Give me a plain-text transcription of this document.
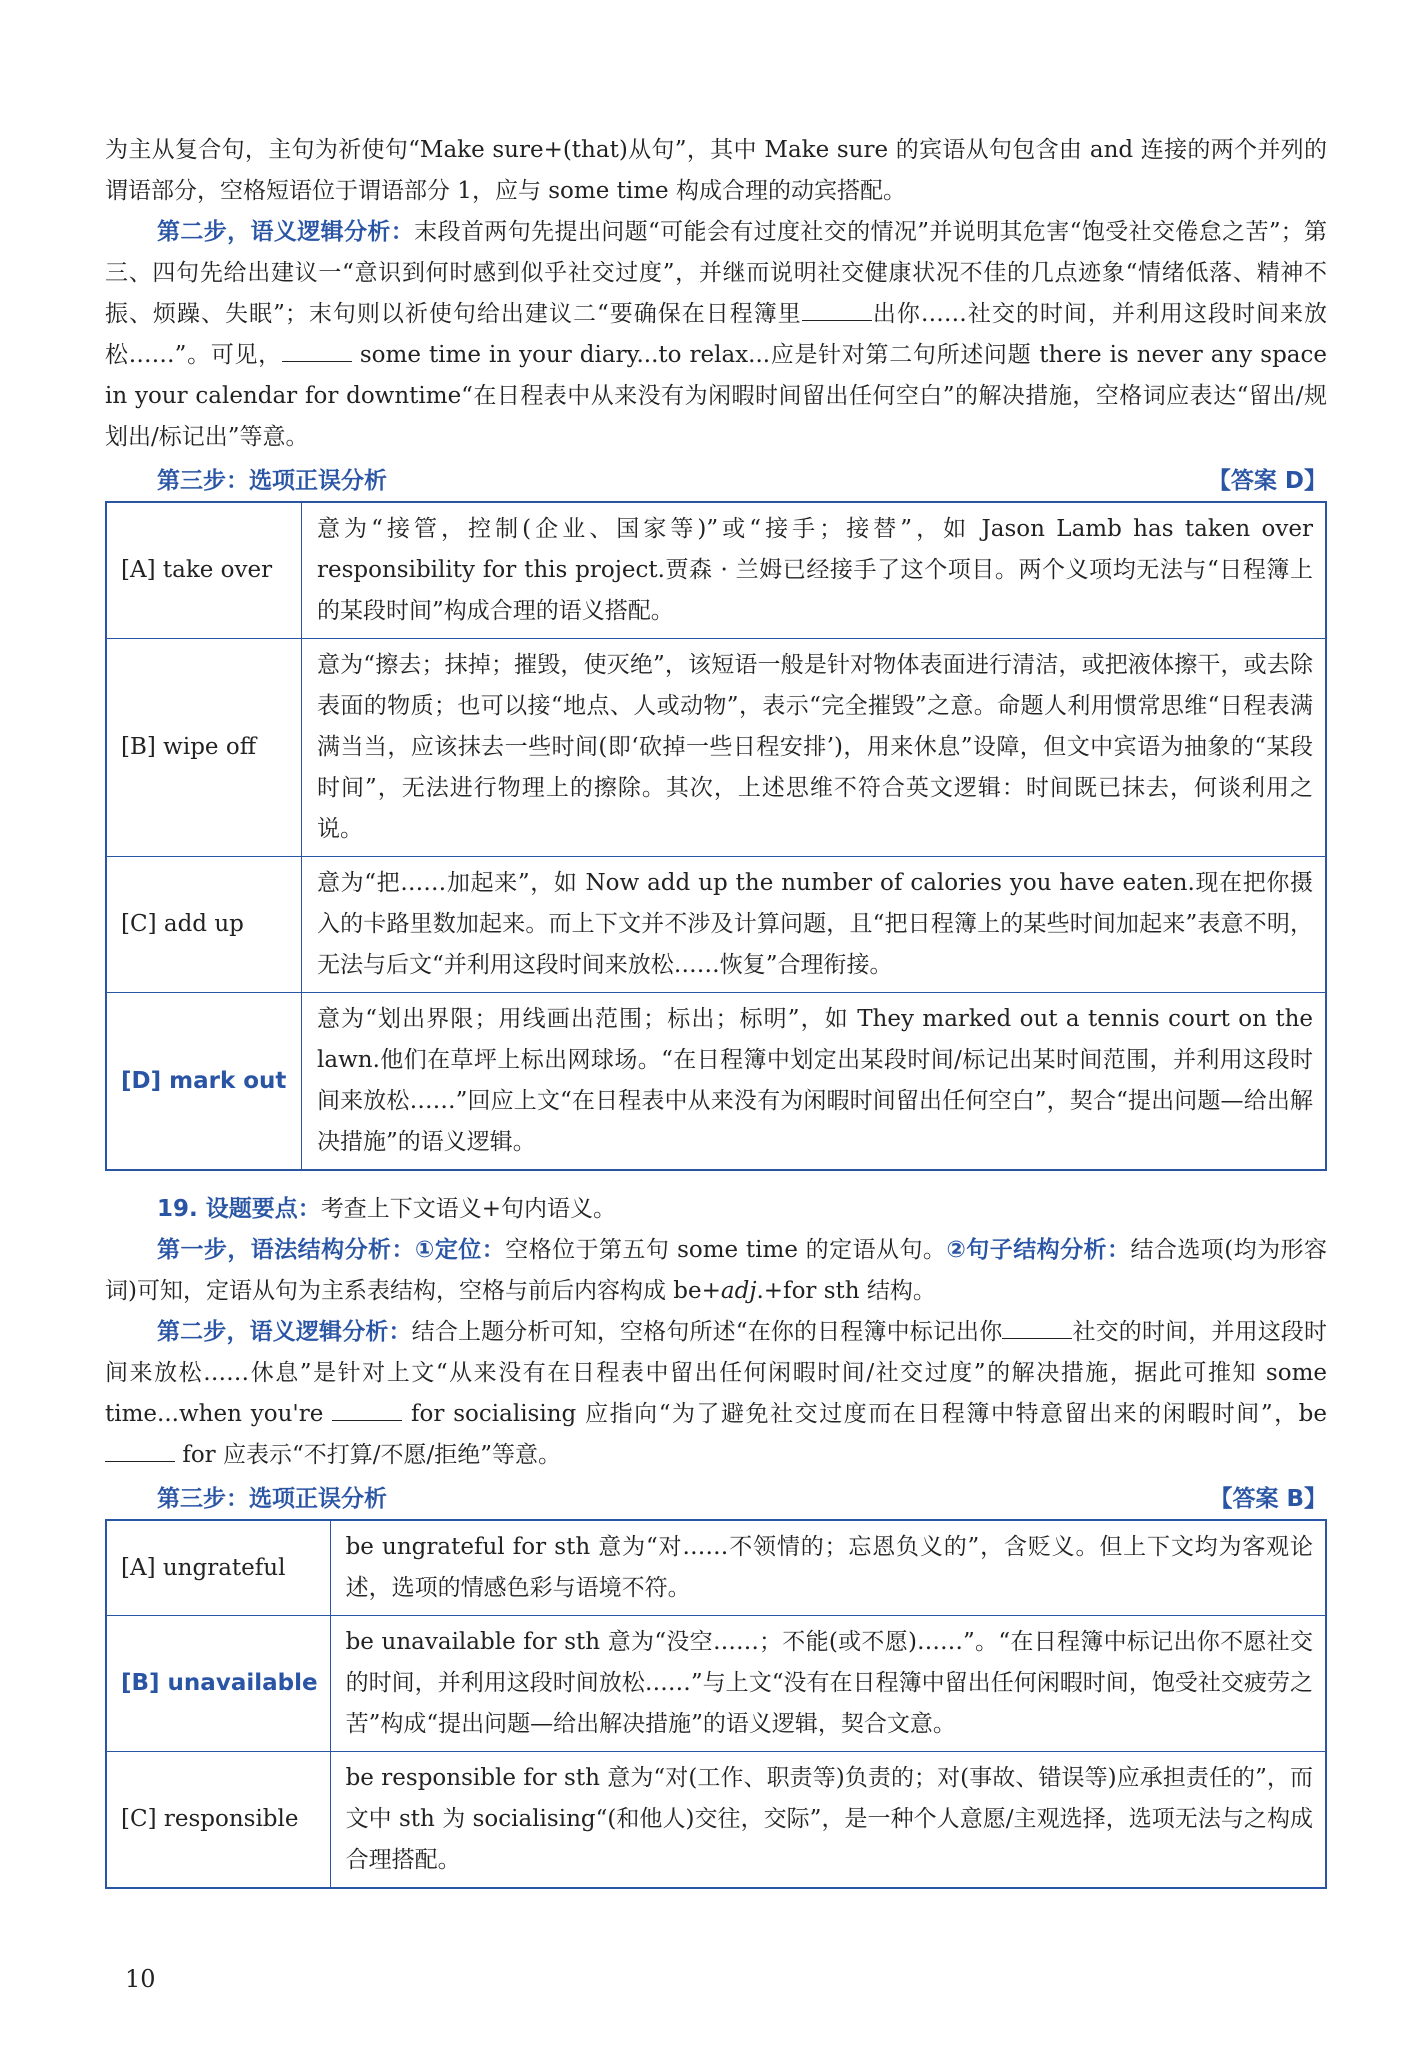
为主从复合句，主句为祈使句“Make sure+(that)从句”，其中 Make sure 的宾语从句包含由 and 连接的两个并列的谓语部分，空格短语位于谓语部分 1，应与 some time 构成合理的动宾搭配。

第二步，语义逻辑分析：末段首两句先提出问题“可能会有过度社交的情况”并说明其危害“饱受社交倦怠之苦”；第三、四句先给出建议一“意识到何时感到似乎社交过度”，并继而说明社交健康状况不佳的几点迹象“情绪低落、精神不振、烦躁、失眠”；末句则以祈使句给出建议二“要确保在日程簿里	出你……社交的时间，并利用这段时间来放松……”。可见，	some time in your diary...to relax...应是针对第二句所述问题 there is never any space in your calendar for downtime“在日程表中从来没有为闲暇时间留出任何空白”的解决措施，空格词应表达“留出/规划出/标记出”等意。

第三步：选项正误分析	【答案 D】
[A] take over	意为“接管，控制(企业、国家等)”或“接手；接替”，如 Jason Lamb has taken over responsibility for this project.贾森 · 兰姆已经接手了这个项目。两个义项均无法与“日程簿上的某段时间”构成合理的语义搭配。
[B] wipe off	意为“擦去；抹掉；摧毁，使灭绝”，该短语一般是针对物体表面进行清洁，或把液体擦干，或去除表面的物质；也可以接“地点、人或动物”，表示“完全摧毁”之意。命题人利用惯常思维“日程表满满当当，应该抹去一些时间(即‘砍掉一些日程安排’)，用来休息”设障，但文中宾语为抽象的“某段时间”，无法进行物理上的擦除。其次，上述思维不符合英文逻辑：时间既已抹去，何谈利用之说。
[C] add up	意为“把……加起来”，如 Now add up the number of calories you have eaten.现在把你摄入的卡路里数加起来。而上下文并不涉及计算问题，且“把日程簿上的某些时间加起来”表意不明，无法与后文“并利用这段时间来放松……恢复”合理衔接。
[D] mark out	意为“划出界限；用线画出范围；标出；标明”，如 They marked out a tennis court on the lawn.他们在草坪上标出网球场。“在日程簿中划定出某段时间/标记出某时间范围，并利用这段时间来放松……”回应上文“在日程表中从来没有为闲暇时间留出任何空白”，契合“提出问题—给出解决措施”的语义逻辑。

19. 设题要点：考查上下文语义+句内语义。

第一步，语法结构分析：①定位：空格位于第五句 some time 的定语从句。②句子结构分析：结合选项(均为形容词)可知，定语从句为主系表结构，空格与前后内容构成 be+adj.+for sth 结构。

第二步，语义逻辑分析：结合上题分析可知，空格句所述“在你的日程簿中标记出你	社交的时间，并用这段时间来放松……休息”是针对上文“从来没有在日程表中留出任何闲暇时间/社交过度”的解决措施，据此可推知 some time...when you're	for socialising 应指向“为了避免社交过度而在日程簿中特意留出来的闲暇时间”，be  for 应表示“不打算/不愿/拒绝”等意。

第三步：选项正误分析	【答案 B】
[A] ungrateful	be ungrateful for sth 意为“对……不领情的；忘恩负义的”，含贬义。但上下文均为客观论述，选项的情感色彩与语境不符。
[B] unavailable	be unavailable for sth 意为“没空……；不能(或不愿)……”。“在日程簿中标记出你不愿社交的时间，并利用这段时间放松……”与上文“没有在日程簿中留出任何闲暇时间，饱受社交疲劳之苦”构成“提出问题—给出解决措施”的语义逻辑，契合文意。
[C] responsible	be responsible for sth 意为“对(工作、职责等)负责的；对(事故、错误等)应承担责任的”，而文中 sth 为 socialising“(和他人)交往，交际”，是一种个人意愿/主观选择，选项无法与之构成合理搭配。
10
